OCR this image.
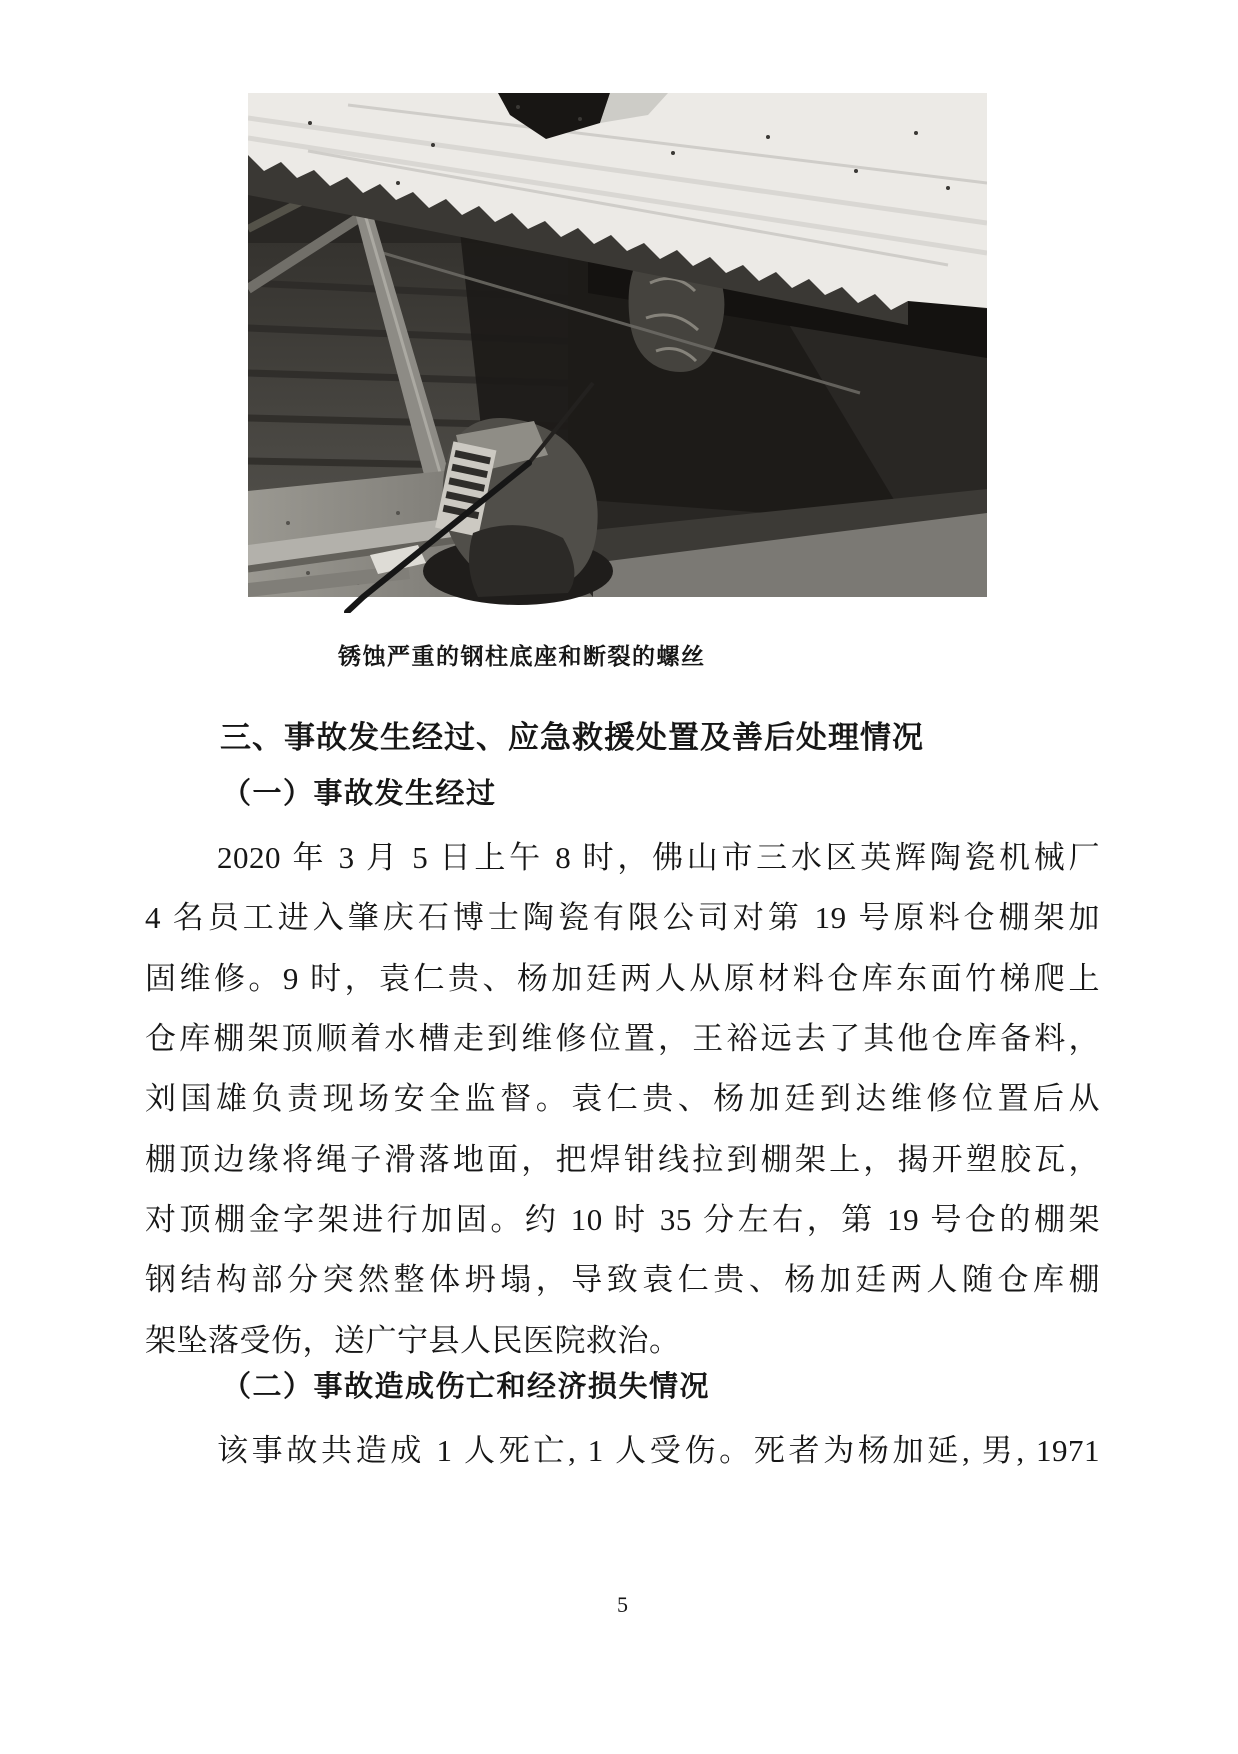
锈蚀严重的钢柱底座和断裂的螺丝
三、事故发生经过、应急救援处置及善后处理情况
（一）事故发生经过
2020 年 3 月 5 日上午 8 时，佛山市三水区英辉陶瓷机械厂
4 名员工进入肇庆石博士陶瓷有限公司对第 19 号原料仓棚架加
固维修。9 时，袁仁贵、杨加廷两人从原材料仓库东面竹梯爬上
仓库棚架顶顺着水槽走到维修位置，王裕远去了其他仓库备料，
刘国雄负责现场安全监督。袁仁贵、杨加廷到达维修位置后从
棚顶边缘将绳子滑落地面，把焊钳线拉到棚架上，揭开塑胶瓦，
对顶棚金字架进行加固。约 10 时 35 分左右，第 19 号仓的棚架
钢结构部分突然整体坍塌，导致袁仁贵、杨加廷两人随仓库棚
架坠落受伤，送广宁县人民医院救治。
（二）事故造成伤亡和经济损失情况
该事故共造成 1 人死亡, 1 人受伤。死者为杨加延, 男, 1971
5
